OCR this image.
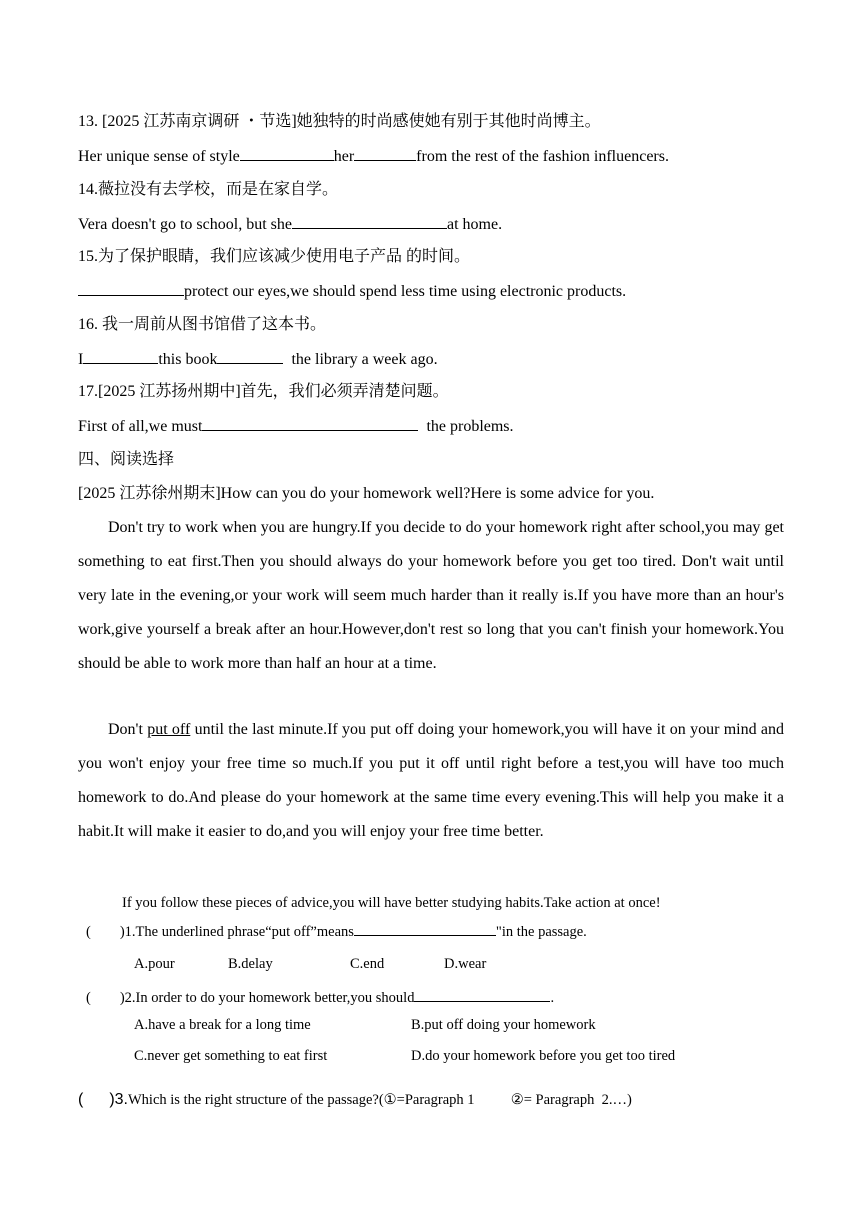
13. [2025 江苏南京调研 ・节选]她独特的时尚感使她有别于其他时尚博主。
Her unique sense of style	her	from the rest of the fashion influencers.
14.薇拉没有去学校，而是在家自学。
Vera doesn't go to school, but she	at home.
15.为了保护眼睛，我们应该减少使用电子产品 的时间。
protect our eyes,we should spend less time using electronic products.
16. 我一周前从图书馆借了这本书。
I	this book	the library a week ago.
17.[2025 江苏扬州期中]首先，我们必须弄清楚问题。
First of all,we must	the problems.
四、阅读选择
[2025 江苏徐州期末]How can you do your homework well?Here is some advice for you.

Don't try to work when you are hungry.If you decide to do your homework right after school,you may get something to eat first.Then you should always do your homework before you get too tired. Don't wait until very late in the evening,or your work will seem much harder than it really is.If you have more than an hour's work,give yourself a break after an hour.However,don't rest so long that you can't finish your homework.You should be able to work more than half an hour at a time.

Don't put off until the last minute.If you put off doing your homework,you will have it on your mind and you won't enjoy your free time so much.If you put it off until right before a test,you will have too much homework to do.And please do your homework at the same time every evening.This will help you make it a habit.It will make it easier to do,and you will enjoy your free time better.

If you follow these pieces of advice,you will have better studying habits.Take action at once!
(        )1.The underlined phrase“put off”means	"in the passage.
A.pour	B.delay	C.end	D.wear
(        )2.In order to do your homework better,you should	.
A.have a break for a long time	B.put off doing your homework
C.never get something to eat first	D.do your homework before you get too tired
( )3.Which is the right structure of the passage?(①=Paragraph 1          ②= Paragraph  2.…)
